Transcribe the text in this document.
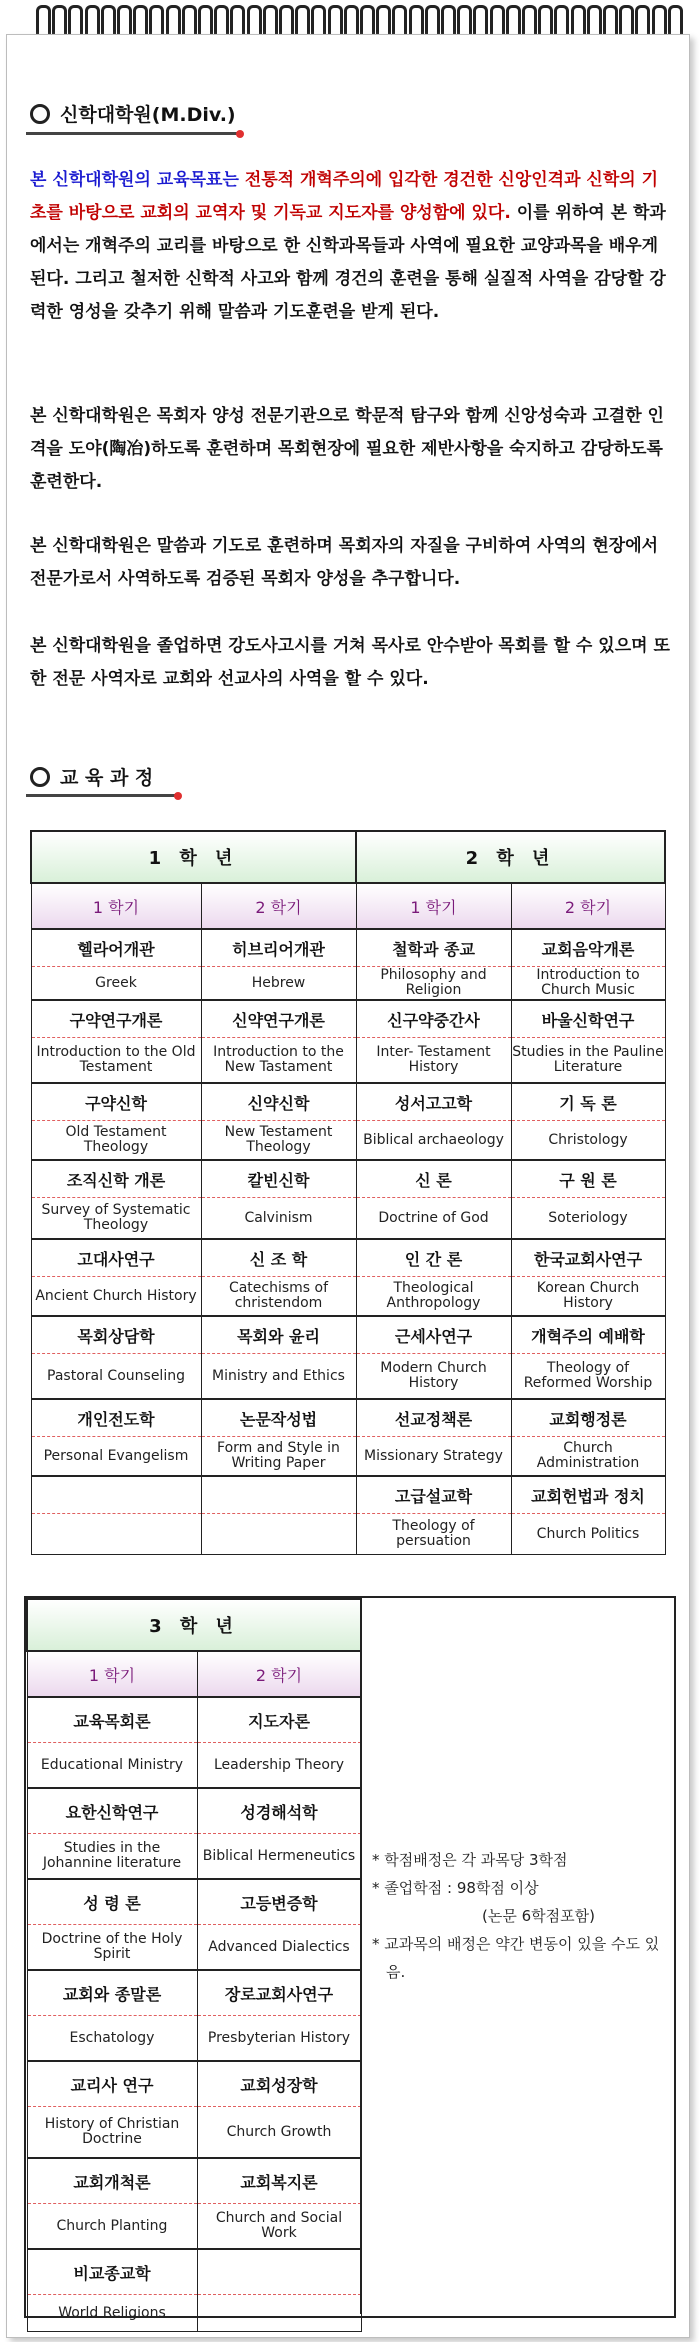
신학대학원(M.Div.)
본 신학대학원의 교육목표는 전통적 개혁주의에 입각한 경건한 신앙인격과 신학의 기초를 바탕으로 교회의 교역자 및 기독교 지도자를 양성함에 있다. 이를 위하여 본 학과에서는 개혁주의 교리를 바탕으로 한 신학과목들과 사역에 필요한 교양과목을 배우게 된다. 그리고 철저한 신학적 사고와 함께 경건의 훈련을 통해 실질적 사역을 감당할 강력한 영성을 갖추기 위해 말씀과 기도훈련을 받게 된다.
본 신학대학원은 목회자 양성 전문기관으로 학문적 탐구와 함께 신앙성숙과 고결한 인격을 도야(陶冶)하도록 훈련하며 목회현장에 필요한 제반사항을 숙지하고 감당하도록 훈련한다.
본 신학대학원은 말씀과 기도로 훈련하며 목회자의 자질을 구비하여 사역의 현장에서 전문가로서 사역하도록 검증된 목회자 양성을 추구합니다.
본 신학대학원을 졸업하면 강도사고시를 거쳐 목사로 안수받아 목회를 할 수 있으며 또한 전문 사역자로 교회와 선교사의 사역을 할 수 있다.
교 육 과 정
1 학 년		2 학 년	
1 학기	2 학기	1 학기	2 학기
헬라어개관	히브리어개관	철학과 종교	교회음악개론
Greek	Hebrew	Philosophy and Religion	Introduction to Church Music
구약연구개론	신약연구개론	신구약중간사	바울신학연구
Introduction to the Old Testament	Introduction to the New Tastament	Inter- Testament History	Studies in the Pauline Literature
구약신학	신약신학	성서고고학	기 독 론
Old Testament Theology	New Testament Theology	Biblical archaeology	Christology
조직신학 개론	칼빈신학	신 론	구 원 론
Survey of Systematic Theology	Calvinism	Doctrine of God	Soteriology
고대사연구	신 조 학	인 간 론	한국교회사연구
Ancient Church History	Catechisms of christendom	Theological Anthropology	Korean Church History
목회상담학	목회와 윤리	근세사연구	개혁주의 예배학
Pastoral Counseling	Ministry and Ethics	Modern Church History	Theology of Reformed Worship
개인전도학	논문작성법	선교정책론	교회행정론
Personal Evangelism	Form and Style in Writing Paper	Missionary Strategy	Church Administration
		고급설교학	교회헌법과 정치
		Theology of persuation	Church Politics
3 학 년	
1 학기	2 학기
교육목회론	지도자론
Educational Ministry	Leadership Theory
요한신학연구	성경해석학
Studies in the Johannine literature	Biblical Hermeneutics
성 령 론	고등변증학
Doctrine of the Holy Spirit	Advanced Dialectics
교회와 종말론	장로교회사연구
Eschatology	Presbyterian History
교리사 연구	교회성장학
History of Christian Doctrine	Church Growth
교회개척론	교회복지론
Church Planting	Church and Social Work
비교종교학	
World Religions	

* 학점배정은 각 과목당 3학점

* 졸업학점 : 98학점 이상

(논문 6학점포함)

* 교과목의 배정은 약간 변동이 있을 수도 있음.
